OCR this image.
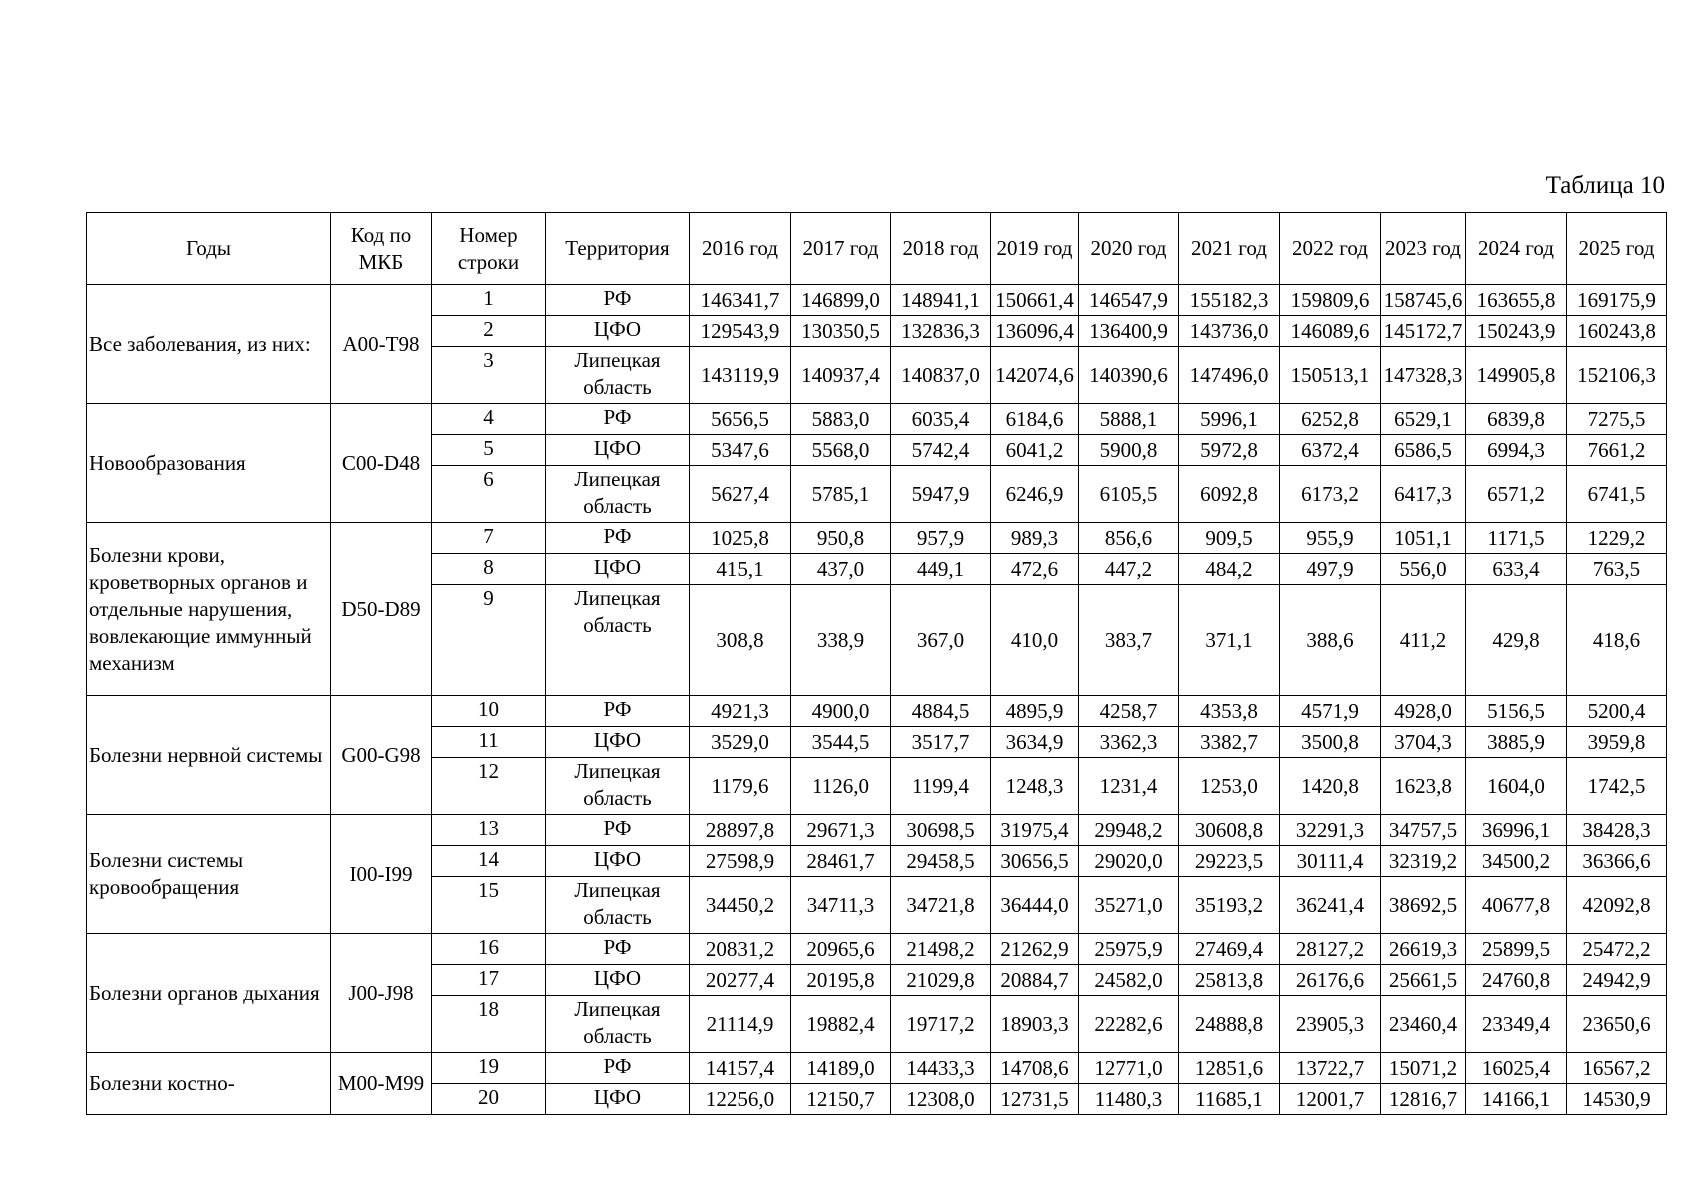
Таблица 10
Годы	Код по МКБ	Номер строки	Территория	2016 год	2017 год	2018 год	2019 год	2020 год	2021 год	2022 год	2023 год	2024 год	2025 год
Все заболевания, из них:	А00-Т98	1	РФ	146341,7	146899,0	148941,1	150661,4	146547,9	155182,3	159809,6	158745,6	163655,8	169175,9
		2	ЦФО	129543,9	130350,5	132836,3	136096,4	136400,9	143736,0	146089,6	145172,7	150243,9	160243,8
		3	Липецкая область	143119,9	140937,4	140837,0	142074,6	140390,6	147496,0	150513,1	147328,3	149905,8	152106,3
Новообразования	С00-D48	4	РФ	5656,5	5883,0	6035,4	6184,6	5888,1	5996,1	6252,8	6529,1	6839,8	7275,5
		5	ЦФО	5347,6	5568,0	5742,4	6041,2	5900,8	5972,8	6372,4	6586,5	6994,3	7661,2
		6	Липецкая область	5627,4	5785,1	5947,9	6246,9	6105,5	6092,8	6173,2	6417,3	6571,2	6741,5
Болезни крови, кроветворных органов и отдельные нарушения, вовлекающие иммунный механизм	D50-D89	7	РФ	1025,8	950,8	957,9	989,3	856,6	909,5	955,9	1051,1	1171,5	1229,2
		8	ЦФО	415,1	437,0	449,1	472,6	447,2	484,2	497,9	556,0	633,4	763,5
		9	Липецкая область	308,8	338,9	367,0	410,0	383,7	371,1	388,6	411,2	429,8	418,6
Болезни нервной системы	G00-G98	10	РФ	4921,3	4900,0	4884,5	4895,9	4258,7	4353,8	4571,9	4928,0	5156,5	5200,4
		11	ЦФО	3529,0	3544,5	3517,7	3634,9	3362,3	3382,7	3500,8	3704,3	3885,9	3959,8
		12	Липецкая область	1179,6	1126,0	1199,4	1248,3	1231,4	1253,0	1420,8	1623,8	1604,0	1742,5
Болезни системы кровообращения	I00-I99	13	РФ	28897,8	29671,3	30698,5	31975,4	29948,2	30608,8	32291,3	34757,5	36996,1	38428,3
		14	ЦФО	27598,9	28461,7	29458,5	30656,5	29020,0	29223,5	30111,4	32319,2	34500,2	36366,6
		15	Липецкая область	34450,2	34711,3	34721,8	36444,0	35271,0	35193,2	36241,4	38692,5	40677,8	42092,8
Болезни органов дыхания	J00-J98	16	РФ	20831,2	20965,6	21498,2	21262,9	25975,9	27469,4	28127,2	26619,3	25899,5	25472,2
		17	ЦФО	20277,4	20195,8	21029,8	20884,7	24582,0	25813,8	26176,6	25661,5	24760,8	24942,9
		18	Липецкая область	21114,9	19882,4	19717,2	18903,3	22282,6	24888,8	23905,3	23460,4	23349,4	23650,6
Болезни костно-	М00-М99	19	РФ	14157,4	14189,0	14433,3	14708,6	12771,0	12851,6	13722,7	15071,2	16025,4	16567,2
		20	ЦФО	12256,0	12150,7	12308,0	12731,5	11480,3	11685,1	12001,7	12816,7	14166,1	14530,9
